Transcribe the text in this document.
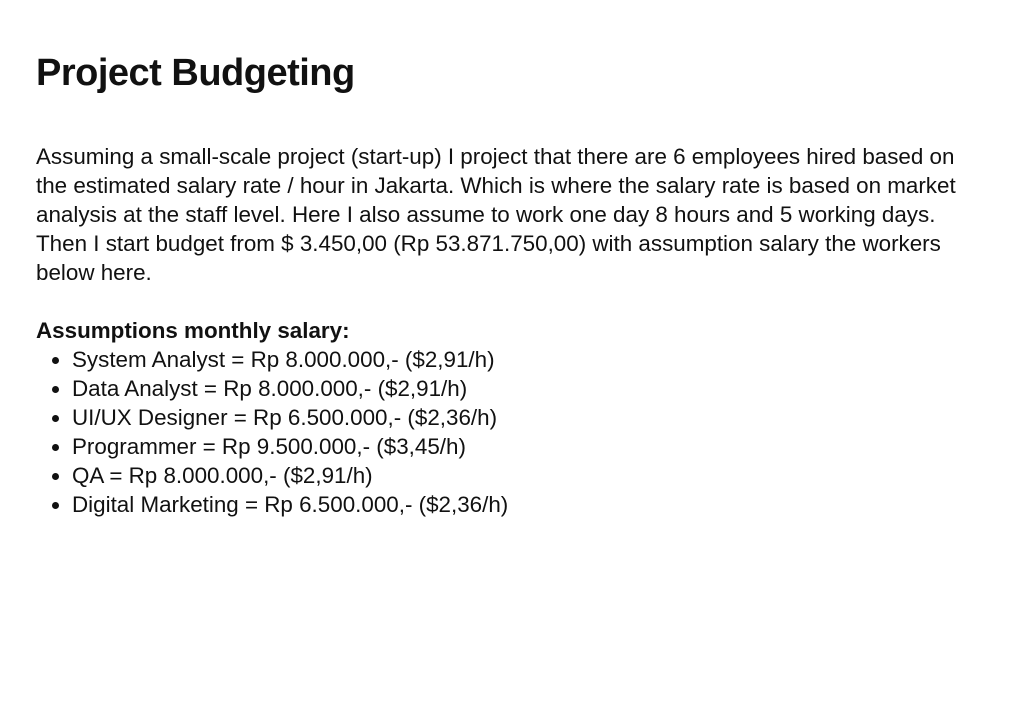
Project Budgeting

Assuming a small-scale project (start-up) I project that there are 6 employees hired based on the estimated salary rate / hour in Jakarta. Which is where the salary rate is based on market analysis at the staff level. Here I also assume to work one day 8 hours and 5 working days. Then I start budget from $ 3.450,00 (Rp 53.871.750,00) with assumption salary the workers below here.

Assumptions monthly salary:
• System Analyst = Rp 8.000.000,- ($2,91/h)
• Data Analyst = Rp 8.000.000,- ($2,91/h)
• UI/UX Designer = Rp 6.500.000,- ($2,36/h)
• Programmer = Rp 9.500.000,- ($3,45/h)
• QA = Rp 8.000.000,- ($2,91/h)
• Digital Marketing = Rp 6.500.000,- ($2,36/h)
